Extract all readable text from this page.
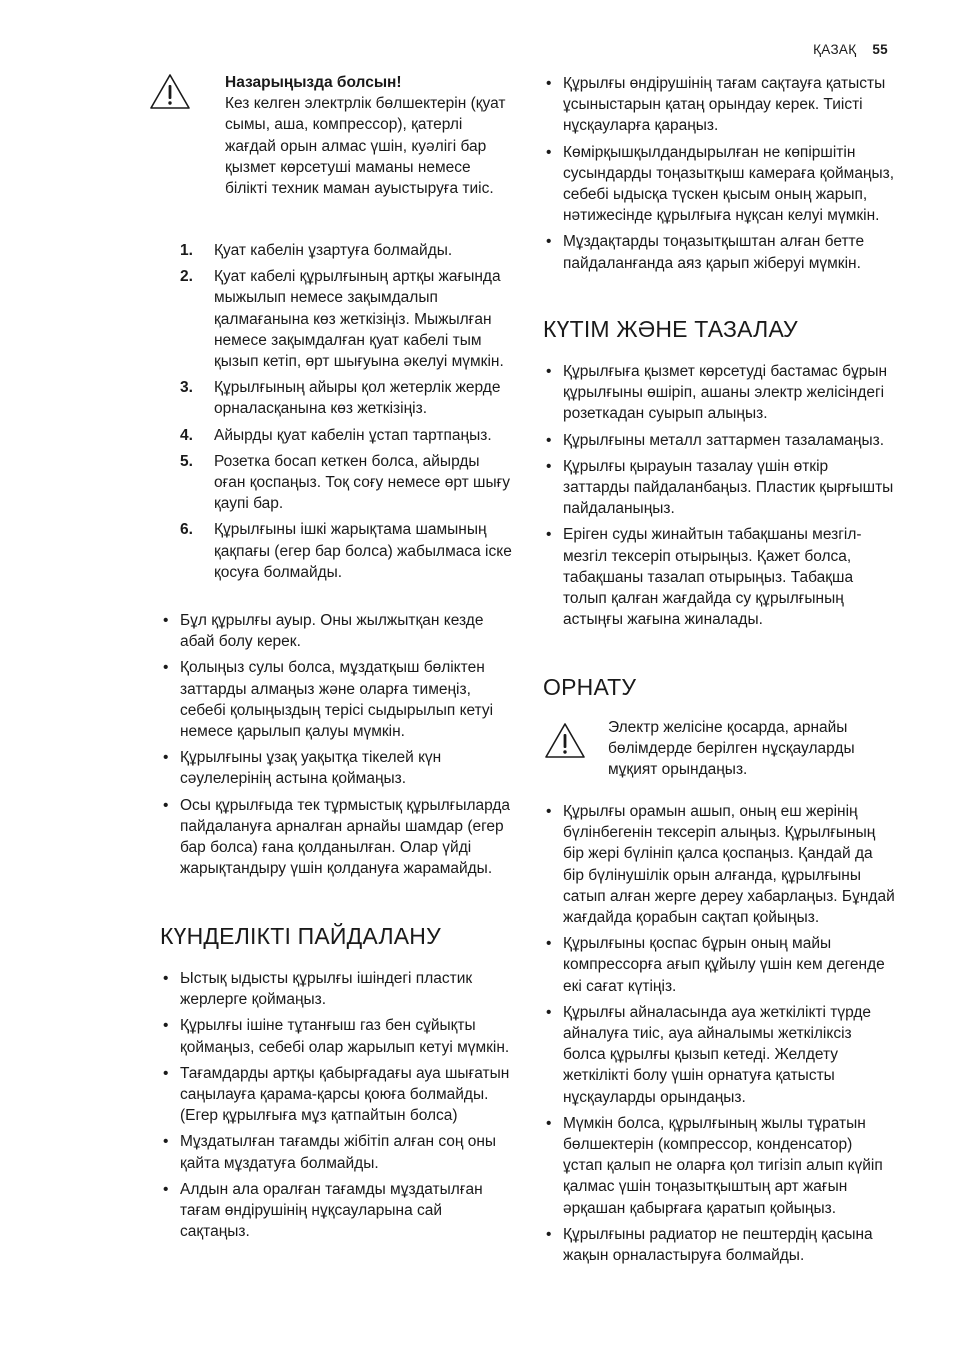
ҚАЗАҚ 55
Назарыңызда болсын!
Кез келген электрлік бөлшектерін (қуат сымы, аша, компрессор), қатерлі жағдай орын алмас үшін, куәлігі бар қызмет көрсетуші маманы немесе білікті техник маман ауыстыруға тиіс.
1. Қуат кабелін ұзартуға болмайды.
2. Қуат кабелі құрылғының артқы жағында мыжылып немесе зақымдалып қалмағанына көз жеткізіңіз. Мыжылған немесе зақымдалған қуат кабелі тым қызып кетіп, өрт шығуына әкелуі мүмкін.
3. Құрылғының айыры қол жетерлік жерде орналасқанына көз жеткізіңіз.
4. Айырды қуат кабелін ұстап тартпаңыз.
5. Розетка босап кеткен болса, айырды оған қоспаңыз. Тоқ соғу немесе өрт шығу қаупі бар.
6. Құрылғыны ішкі жарықтама шамының қақпағы (егер бар болса) жабылмаса іске қосуға болмайды.
• Бұл құрылғы ауыр. Оны жылжытқан кезде абай болу керек.
• Қолыңыз сулы болса, мұздатқыш бөліктен заттарды алмаңыз және оларға тимеңіз, себебі қолыңыздың терісі сыдырылып кетуі немесе қарылып қалуы мүмкін.
• Құрылғыны ұзақ уақытқа тікелей күн сәулелерінің астына қоймаңыз.
• Осы құрылғыда тек тұрмыстық құрылғыларда пайдалануға арналған арнайы шамдар (егер бар болса) ғана қолданылған. Олар үйді жарықтандыру үшін қолдануға жарамайды.
КҮНДЕЛІКТІ ПАЙДАЛАНУ
• Ыстық ыдысты құрылғы ішіндегі пластик жерлерге қоймаңыз.
• Құрылғы ішіне тұтанғыш газ бен сұйықты қоймаңыз, себебі олар жарылып кетуі мүмкін.
• Тағамдарды артқы қабырғадағы ауа шығатын саңылауға қарама-қарсы қоюға болмайды. (Егер құрылғыға мұз қатпайтын болса)
• Мұздатылған тағамды жібітіп алған соң оны қайта мұздатуға болмайды.
• Алдын ала оралған тағамды мұздатылған тағам өндірушінің нұқсауларына сай сақтаңыз.
• Құрылғы өндірушінің тағам сақтауға қатысты ұсыныстарын қатаң орындау керек. Тиісті нұсқауларға қараңыз.
• Көмірқышқылдандырылған не көпіршітін сусындарды тоңазытқыш камераға қоймаңыз, себебі ыдысқа түскен қысым оның жарып, нәтижесінде құрылғыға нұқсан келуі мүмкін.
• Мұздақтарды тоңазытқыштан алған бетте пайдаланғанда аяз қарып жіберуі мүмкін.
КҮТІМ ЖӘНЕ ТАЗАЛАУ
• Құрылғыға қызмет көрсетуді бастамас бұрын құрылғыны өшіріп, ашаны электр желісіндегі розеткадан суырып алыңыз.
• Құрылғыны металл заттармен тазаламаңыз.
• Құрылғы қырауын тазалау үшін өткір заттарды пайдаланбаңыз. Пластик қырғышты пайдаланыңыз.
• Еріген суды жинайтын табақшаны мезгіл-мезгіл тексеріп отырыңыз. Қажет болса, табақшаны тазалап отырыңыз. Табақша толып қалған жағдайда су құрылғының астыңғы жағына жиналады.
ОРНАТУ
Электр желісіне қосарда, арнайы бөлімдерде берілген нұсқауларды мұқият орындаңыз.
• Құрылғы орамын ашып, оның еш жерінің бүлінбегенін тексеріп алыңыз. Құрылғының бір жері бүлініп қалса қоспаңыз. Қандай да бір бүлінушілік орын алғанда, құрылғыны сатып алған жерге дереу хабарлаңыз. Бұндай жағдайда қорабын сақтап қойыңыз.
• Құрылғыны қоспас бұрын оның майы компрессорға ағып құйылу үшін кем дегенде екі сағат күтіңіз.
• Құрылғы айналасында ауа жеткілікті түрде айналуға тиіс, ауа айналымы жеткіліксіз болса құрылғы қызып кетеді. Желдету жеткілікті болу үшін орнатуға қатысты нұсқауларды орындаңыз.
• Мүмкін болса, құрылғының жылы тұратын бөлшектерін (компрессор, конденсатор) ұстап қалып не оларға қол тигізіп алып күйіп қалмас үшін тоңазытқыштың арт жағын әрқашан қабырғаға қаратып қойыңыз.
• Құрылғыны радиатор не пештердің қасына жақын орналастыруға болмайды.
